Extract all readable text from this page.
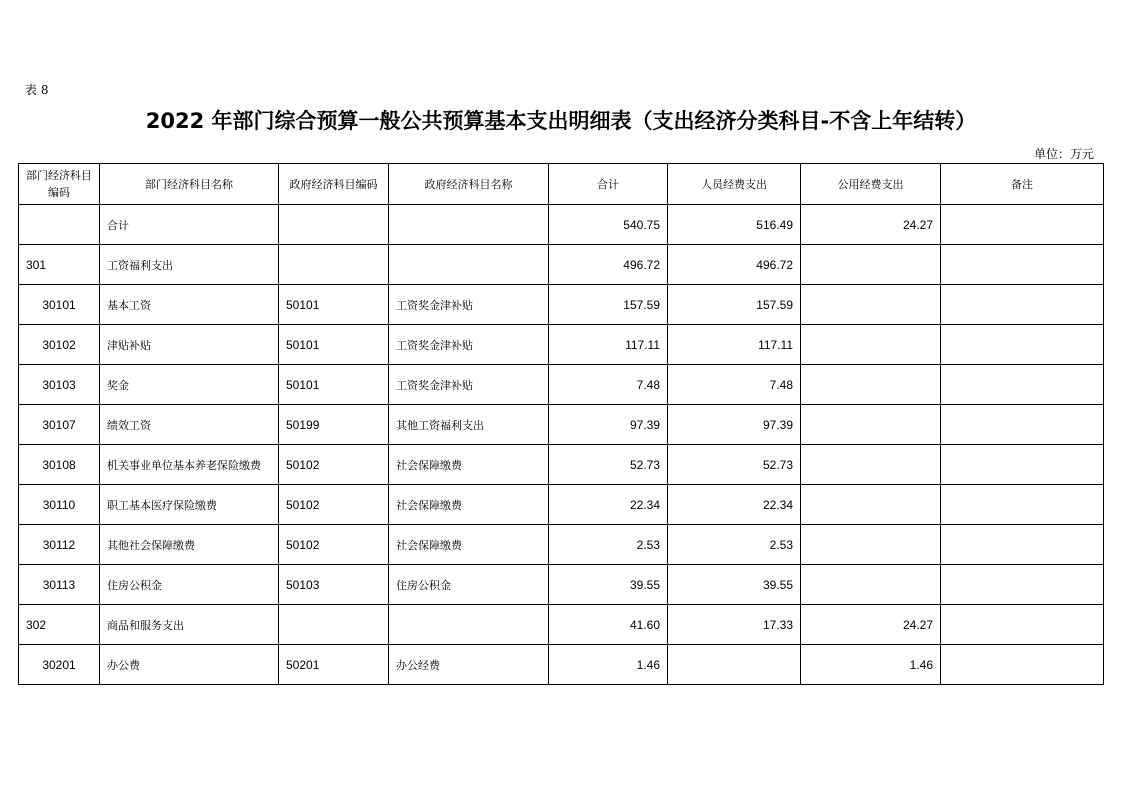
表 8
2022 年部门综合预算一般公共预算基本支出明细表（支出经济分类科目-不含上年结转）
单位：万元
部门经济科目编码	部门经济科目名称	政府经济科目编码	政府经济科目名称	合计	人员经费支出	公用经费支出	备注
	合计			540.75	516.49	24.27	
301	工资福利支出			496.72	496.72		
30101	基本工资	50101	工资奖金津补贴	157.59	157.59		
30102	津贴补贴	50101	工资奖金津补贴	117.11	117.11		
30103	奖金	50101	工资奖金津补贴	7.48	7.48		
30107	绩效工资	50199	其他工资福利支出	97.39	97.39		
30108	机关事业单位基本养老保险缴费	50102	社会保障缴费	52.73	52.73		
30110	职工基本医疗保险缴费	50102	社会保障缴费	22.34	22.34		
30112	其他社会保障缴费	50102	社会保障缴费	2.53	2.53		
30113	住房公积金	50103	住房公积金	39.55	39.55		
302	商品和服务支出			41.60	17.33	24.27	
30201	办公费	50201	办公经费	1.46		1.46	
